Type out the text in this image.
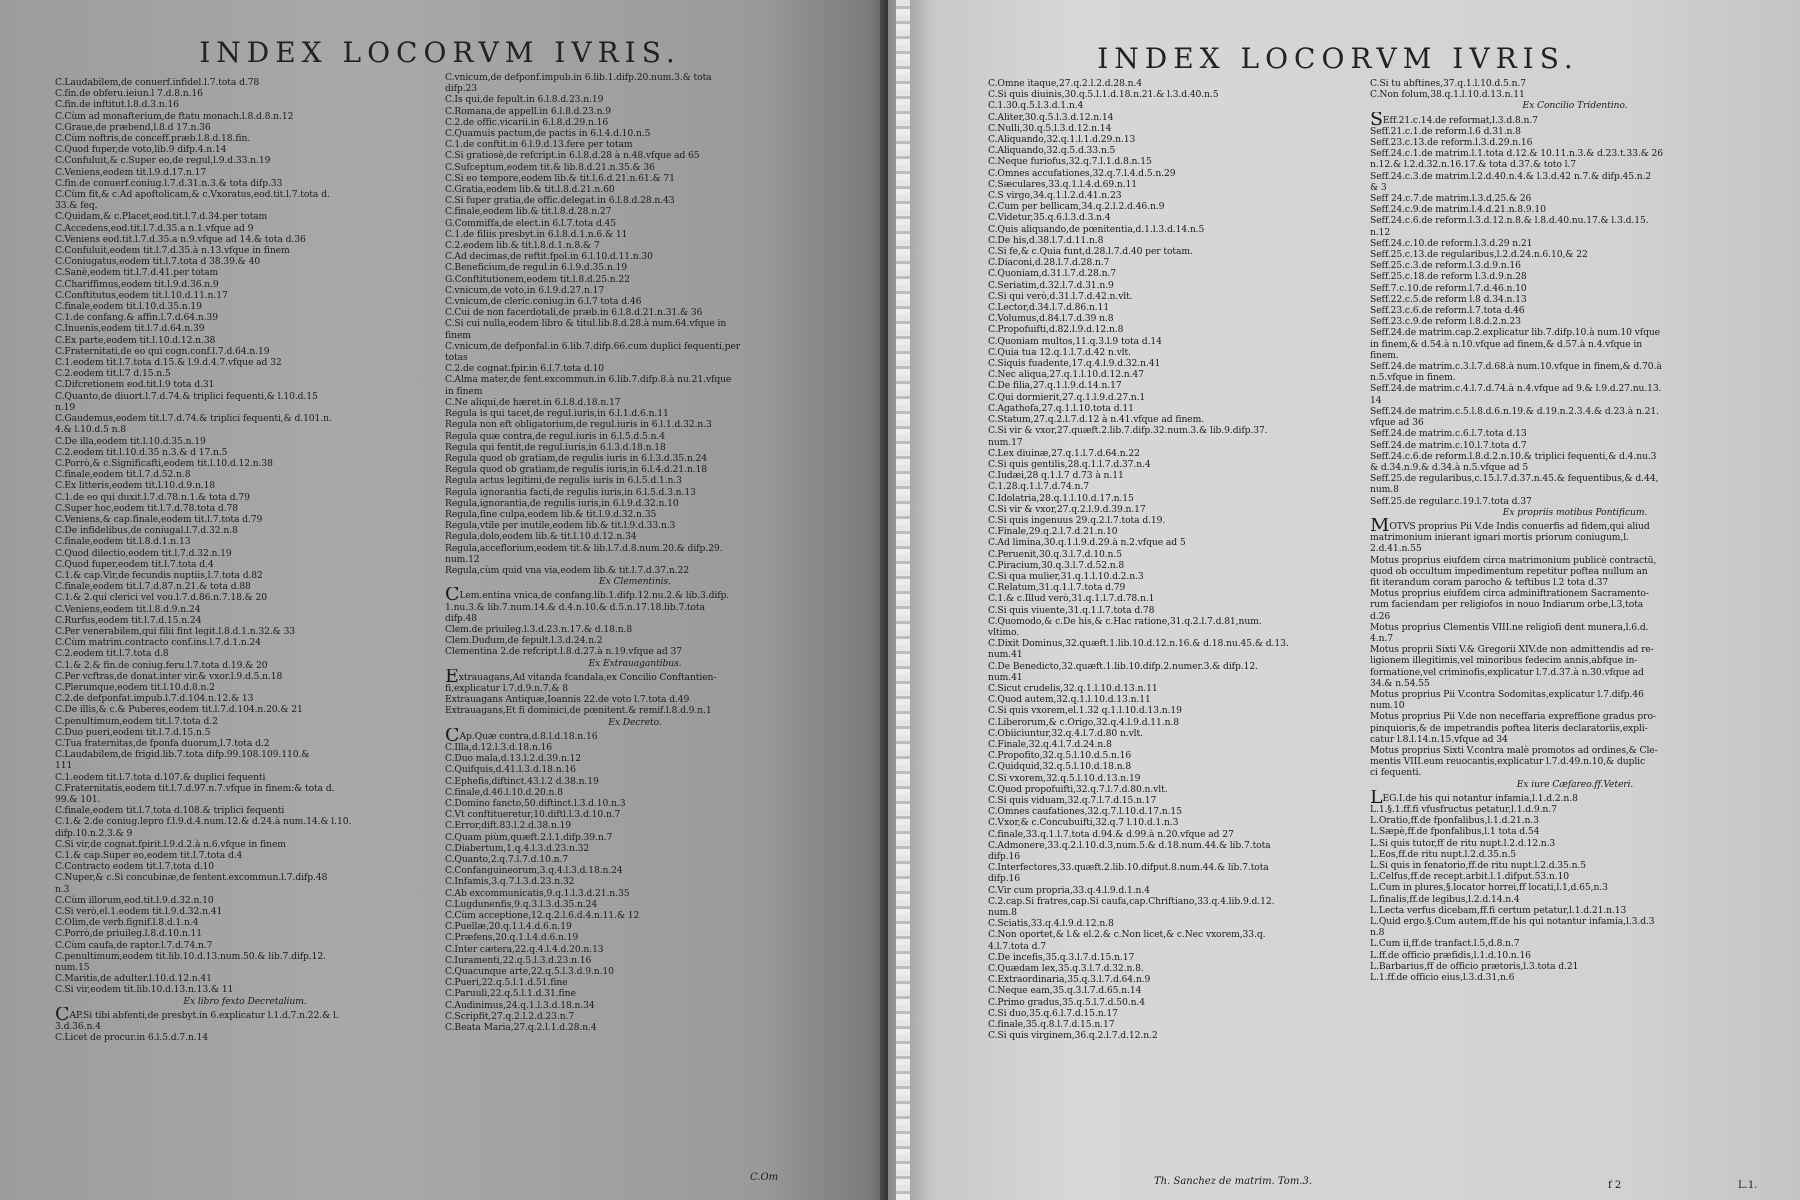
INDEX LOCORVM IVRIS.
C.Laudabilem,de conuerf.infidel.l.7.tota d.78
C.fin.de obferu.ieiun.l 7.d.8.n.16
C.fin.de inftitut.l.8.d.3.n.16
C.Cùm ad monafterium,de ftatu monach.l.8.d.8.n.12
C.Graue,de præbend,l.8.d 17.n.36
C.Cùm noftris,de conceff.præb.l.8.d.18.fin.
C.Quod fuper,de voto,lib.9 difp.4.n.14
C.Confuluit,& c.Super eo,de regul,l.9.d.33.n.19
C.Veniens,eodem tit.l.9.d.17.n.17
C.fin.de conuerf.coniug.l.7.d.31.n.3.& tota difp.33
C.Cùm fit,& c.Ad apoftolicam,& c.Vxoratus,eod.tit.l.7.tota d.
33.& feq.
C.Quidam,& c.Placet,eod.tit.l.7.d.34.per totam
C.Accedens,eod.tit.l.7.d.35.a n.1.vfque ad 9
C.Veniens eod.tit.l.7.d.35.a n.9.vfque ad 14.& tota d.36
C.Confuluit,eodem tit.l.7.d.35.à n.13.vfque in finem
C.Coniugatus,eodem tit.l.7.tota d 38.39.& 40
C.Sanè,eodem tit.l.7.d.41.per totam
C.Chariffimus,eodem tit.l.9.d.36.n.9
C.Conftitutus,eodem tit.l.10.d.11.n.17
C.finale,eodem tit.l.10.d.35.n.19
C.1.de confang.& affin.l.7.d.64.n.39
C.Inuenis,eodem tit.l.7.d.64.n.39
C.Ex parte,eodem tit.l.10.d.12.n.38
C.Fraternitati,de eo qui cogn.conf.l.7.d.64.n.19
C.1.eodem tit.l.7.tota d.15.& l.9.d.4.7.vfque ad 32
C.2.eodem tit.l.7 d.15.n.5
C.Difcretionem eod.tit.l.9 tota d.31
C.Quanto,de diuort.l.7.d.74.& triplici fequenti,& l.10.d.15
n.19
C.Gaudemus,eodem tit.l.7.d.74.& triplici fequenti,& d.101.n.
4.& l.10.d.5 n.8
C.De illa,eodem tit.l.10.d.35.n.19
C.2.eodem tit.l.10.d.35 n.3.& d 17.n.5
C.Porrò,& c.Significafti,eodem tit.l.10.d.12.n.38
C.finale,eodem tit.l.7.d.52.n.8
C.Ex litteris,eodem tit.l.10.d.9.n.18
C.1.de eo qui duxit.l.7.d.78.n.1.& tota d.79
C.Super hoc,eodem tit.l.7.d.78.tota d.78
C.Veniens,& cap.finale,eodem tit.l.7.tota d.79
C.De infidelibus,de coniugal.l.7.d.32.n.8
C.finale,eodem tit.l.8.d.1.n.13
C.Quod dilectio,eodem tit.l.7.d.32.n.19
C.Quod fuper,eodem tit.l.7.tota d.4
C.1.& cap.Vir,de fecundis nuptiis,l.7.tota d.82
C.finale,eodem tit.l.7.d.87.n.21.& tota d.88
C.1.& 2.qui clerici vel vou.l.7.d.86.n.7.18.& 20
C.Veniens,eodem tit.l.8.d.9.n.24
C.Rurfus,eodem tit.l.7.d.15.n.24
C.Per venerabilem,qui filii fint legit.l.8.d.1.n.32.& 33
C.Cùm matrim.contracto conf.ins.l.7.d.1.n.24
C.2.eodem tit.l.7.tota d.8
C.1.& 2.& fin.de coniug.feru.l.7.tota d.19.& 20
C.Per vcftras,de donat.inter vir.& vxor.l.9.d.5.n.18
C.Plerumque,eodem tit.l.10.d.8.n.2
C.2.de defponfat.impub.l.7.d.104.n.12.& 13
C.De illis,& c.& Puberes,eodem tit.l.7.d.104.n.20.& 21
C.penultimum,eodem tit.l.7.tota d.2
C.Duo pueri,eodem tit.l.7.d.15.n.5
C.Tua fraternitas,de fponfa duorum,l.7.tota d.2
C.Laudabilem,de frigid.lib.7.tota difp.99.108.109.110.&
111
C.1.eodem tit.l.7.tota d.107.& duplici fequenti
C.Fraternitatis,eodem tit.l.7.d.97.n.7.vfque in finem:& tota d.
99.& 101.
C.finale,eodem tit.l.7.tota d.108.& triplici fequenti
C.1.& 2.de coniug.lepro f.l.9.d.4.num.12.& d.24.à num.14.& l.10.
difp.10.n.2.3.& 9
C.Si vir,de cognat.fpirit.l.9.d.2.à n.6.vfque in finem
C.1.& cap.Super eo,eodem tit.l.7.tota d.4
C.Contracto eodem tit.l.7.tota d.10
C.Nuper,& c.Si concubinæ,de fentent.excommun.l.7.difp.48
n.3
C.Cùm illorum,eod.tit.l.9.d.32.n.10
C.Si verò,el.1.eodem tit.l.9.d.32.n.41
C.Olim,de verb.fignif.l.8.d.1.n.4
C.Porrò,de priuileg.l.8.d.10.n.11
C.Cùm caufa,de raptor.l.7.d.74.n.7
C.penultimum,eodem tit.lib.10.d.13.num.50.& lib.7.difp.12.
num.15
C.Maritis,de adulter.l.10.d.12.n.41
C.Si vir,eodem tit.lib.10.d.13.n.13.& 11
Ex libro fexto Decretalium.
CAP.Si tibi abfenti,de presbyt.in 6.explicatur l.1.d.7.n.22.& l.
3.d.36.n.4
C.Licet de procur.in 6.l.5.d.7.n.14
C.vnicum,de defponf.impub.in 6.lib.1.difp.20.num.3.& tota
difp.23
C.Is qui,de fepult.in 6.l.8.d.23.n.19
C.Romana,de appell.in 6.l.8.d.23.n.9
C.2.de offic.vicarii.in 6.l.8.d.29.n.16
C.Quamuis pactum,de pactis in 6.l.4.d.10.n.5
C.1.de conftit.in 6.l.9.d.13.fere per totam
C.Si gratiosè,de refcript.in 6.l.8.d.28 à n.48.vfque ad 65
C.Sufceptum,eodem tit.& lib.8.d.21.n.35.& 36
C.Si eo tempore,eodem lib.& tit.l.6.d.21.n.61.& 71
C.Gratia,eodem lib.& tit.l.8.d.21.n.60
C.Si fuper gratia,de offic.delegat.in 6.l.8.d.28.n.43
C.finale,eodem lib.& tit.l.8.d.28.n.27
G.Commiffa,de elect.in 6.l.7.tota d.45
C.1.de filiis presbyt.in 6.l.8.d.1.n.6.& 11
C.2.eodem lib.& tit.l.8.d.1.n.8.& 7
C.Ad decimas,de reftit.fpol.in 6.l.10.d.11.n.30
C.Beneficium,de regul.in 6.l.9.d.35.n.19
G.Conftitutionem,eodem tit.l.8.d.25.n.22
C.vnicum,de voto,in 6.l.9.d.27.n.17
C.vnicum,de cleric.coniug.in 6.l.7 tota d.46
C.Cui de non facerdotali,de præb.in 6.l.8.d.21.n.31.& 36
C.Si cui nulla,eodem libro & titul.lib.8.d.28.à num.64.vfque in
finem
C.vnicum,de defponfal.in 6.lib.7.difp.66.cum duplici fequenti,per
totas
C.2.de cognat.fpir.in 6.l.7.tota d.10
C.Alma mater,de fent.excommun.in 6.lib.7.difp.8.à nu.21.vfque
in finem
C.Ne aliqui,de hæret.in 6.l.8.d.18.n.17
Regula is qui tacet,de regul.iuris,in 6.l.1.d.6.n.11
Regula non eft obligatorium,de regul.iuris in 6.l.1.d.32.n.3
Regula quæ contra,de regul.iuris in 6.l.5.d.5.n.4
Regula qui fentit,de regul.iuris,in 6.l.3.d.18.n.18
Regula quod ob gratiam,de regulis iuris in 6.l.3.d.35.n.24
Regula quod ob gratiam,de regulis iuris,in 6.l.4.d.21.n.18
Regula actus legitimi,de regulis iuris in 6.l.5.d.1.n.3
Regula ignorantia facti,de regulis iuris,in 6.l.5.d.3.n.13
Regula,ignorantia,de regulis iuris,in 6.l.9.d.32.n.10
Regula,fine culpa,eodem lib.& tit.l.9.d.32.n.35
Regula,vtile per inutile,eodem lib.& tit.l.9.d.33.n.3
Regula,dolo,eodem lib.& tit.l.10.d.12.n.34
Regula,acceflorium,eodem tit.& lib.l.7.d.8.num.20.& difp.29.
num.12
Regula,cùm quid vna via,eodem lib.& tit.l.7.d.37.n.22
Ex Clementinis.
CLem.entina vnica,de confang.lib.1.difp.12.nu.2.& lib.3.difp.
1.nu.3.& lib.7.num.14.& d.4.n.10.& d.5.n.17.18.lib.7.tota
difp.48
Clem.de priuileg.l.3.d.23.n.17.& d.18.n.8
Clem.Dudum,de fepult.l.3.d.24.n.2
Clementina 2.de refcript.l.8.d.27.à n.19.vfque ad 37
Ex Extrauagantibus.
Extrauagans,Ad vitanda fcandala,ex Concilio Conftantien-
fi,explicatur l.7.d.9.n.7.& 8
Extrauagans Antiquæ,Ioannis 22.de voto l.7.tota d.49
Extrauagans,Et fi dominici,de pœnitent.& remif.l.8.d.9.n.1
Ex Decreto.
CAp.Quæ contra,d.8.l.d.18.n.16
C.Illa,d.12.l.3.d.18.n.16
C.Duo mala,d.13.l.2.d.39.n.12
C.Quifquis,d.41.l.3.d.18.n.16
C.Ephefis,diftinct.43.l.2 d.38.n.19
C.finale,d.46.l.10.d.20.n.8
C.Domino fancto,50.diftinct.l.3.d.10.n.3
C.Vt conftitueretur,10.diftl.l.3.d.10.n.7
C.Error,dift.83.l.2.d.38.n.19
C.Quam piùm,quæft.2.l.1.difp.39.n.7
C.Diabertum,1.q.4.l.3.d.23.n.32
C.Quanto,2.q.7.l.7.d.10.n.7
C.Confanguineorum,3.q.4.l.3.d.18.n.24
C.Infamis,3.q.7.l.3.d.23.n.32
C.Ab excommunicatis,9.q.1.l.3.d.21.n.35
C.Lugdunenfis,9.q.3.l.3.d.35.n.24
C.Cùm acceptione,12.q.2.l.6.d.4.n.11.& 12
C.Puellæ,20.q.1.l.4.d.6.n.19
C.Præfens,20.q.1.l.4.d.6.n.19
C.Inter cætera,22.q.4.l.4.d.20.n.13
C.Iuramenti,22.q.5.l.3.d.23.n.16
C.Quacunque arte,22.q.5.l.3.d.9.n.10
C.Pueri,22.q.5.l.1.d.51.fine
C.Paruuli,22.q.5.l.1.d.31.fine
C.Audinimus,24.q.1.l.3.d.18.n.34
C.Scripfit,27.q.2.l.2.d.23.n.7
C.Beata Maria,27.q.2.l.1.d.28.n.4
C.Om
INDEX LOCORVM IVRIS.
C.Omne itaque,27.q.2.l.2.d.28.n.4
C.Si quis diuinis,30.q.5.l.1.d.18.n.21.& l.3.d.40.n.5
C.1.30.q.5.l.3.d.1.n.4
C.Aliter,30.q.5.l.3.d.12.n.14
C.Nulli,30.q.5.l.3.d.12.n.14
C.Aliquando,32.q.1.l.1.d.29.n.13
C.Aliquando,32.q.5.d.33.n.5
C.Neque furiofus,32.q.7.l.1.d.8.n.15
C.Omnes accufationes,32.q.7.l.4.d.5.n.29
C.Sæculares,33.q.1.l.4.d.69.n.11
C.S virgo,34.q.1.l.2.d.41.n.23
C.Cum per bellicam,34.q.2.l.2.d.46.n.9
C.Videtur,35.q.6.l.3.d.3.n.4
C.Quis aliquando,de pœnitentia,d.1.l.3.d.14.n.5
C.De his,d.38.l.7.d.11.n.8
C.Si fe,& c.Quia funt,d.28.l.7.d.40 per totam.
C.Diaconi,d.28.l.7.d.28.n.7
C.Quoniam,d.31.l.7.d.28.n.7
C.Seriatim,d.32.l.7.d.31.n.9
C.Si qui verò,d.31.l.7.d.42.n.vlt.
C.Lector,d.34.l.7.d.86.n.11
C.Volumus,d.84.l.7.d.39 n.8
C.Propofuifti,d.82.l.9.d.12.n.8
C.Quoniam multos,11.q.3.l.9 tota d.14
C.Quia tua 12.q.1.l.7.d.42 n.vlt.
C.Siquis fuadente,17.q.4.l.9.d.32.n.41
C.Nec aliqua,27.q.1.l.10.d.12.n.47
C.De filia,27.q.1.l.9.d.14.n.17
C.Qui dormierit,27.q.1.l.9.d.27.n.1
C.Agathofa,27.q.1.l.10.tota d.11
C.Statum,27.q.2.l.7.d.12 à n.41.vfque ad finem.
C.Si vir & vxor,27.quæft.2.lib.7.difp.32.num.3.& lib.9.difp.37.
num.17
C.Lex diuinæ,27.q.1.l.7.d.64.n.22
C.Si quis gentilis,28.q.1.l.7.d.37.n.4
C.Iudæi,28 q.1.l.7 d.73 à n.11
C.1.28.q.1.l.7.d.74.n.7
C.Idolatria,28.q.1.l.10.d.17.n.15
C.Si vir & vxor,27.q.2.l.9.d.39.n.17
C.Si quis ingenuus 29.q.2.l.7.tota d.19.
C.Finale,29.q.2.l.7.d.21.n.10
C.Ad limina,30.q.1.l.9.d.29.à n.2.vfque ad 5
C.Peruenit,30.q.3.l.7.d.10.n.5
C.Piracium,30.q.3.l.7.d.52.n.8
C.Si qua mulier,31.q.1.l.10.d.2.n.3
C.Relatum,31.q.1.l.7.tota d.79
C.1.& c.Illud verò,31.q.1.l.7.d.78.n.1
C.Si quis viuente,31.q.1.l.7.tota d.78
C.Quomodo,& c.De his,& c.Hac ratione,31.q.2.l.7.d.81,num.
vltimo.
C.Dixit Dominus,32.quæft.1.lib.10.d.12.n.16.& d.18.nu.45.& d.13.
num.41
C.De Benedicto,32.quæft.1.lib.10.difp.2.numer.3.& difp.12.
num.41
C.Sicut crudelis,32.q.1.l.10.d.13.n.11
C.Quod autem,32.q.1.l.10.d.13.n.11
C.Si quis vxorem,el.1.32 q.1.l.10.d.13.n.19
C.Liberorum,& c.Origo,32.q.4.l.9.d.11.n.8
C.Obiiciuntur,32.q.4.l.7.d.80 n.vlt.
C.Finale,32.q.4.l.7.d.24.n.8
C.Propofito,32.q.5.l.10.d.5.n.16
C.Quidquid,32.q.5.l.10.d.18.n.8
C.Si vxorem,32.q.5.l.10.d.13.n.19
C.Quod propofuifti,32.q.7.l.7.d.80.n.vlt.
C.Si quis viduam,32.q.7.l.7.d.15.n.17
C.Omnes caufationes,32.q.7.l.10.d.17.n.15
C.Vxor,& c.Concubuifti,32.q.7 l.10.d.1.n.3
C.finale,33.q.1.l.7.tota d.94.& d.99.à n.20.vfque ad 27
C.Admonere,33.q.2.l.10.d.3,num.5.& d.18.num.44.& lib.7.tota
difp.16
C.Interfectores,33.quæft.2.lib.10.difput.8.num.44.& lib.7.tota
difp.16
C.Vir cum propria,33.q.4.l.9.d.1.n.4
C.2.cap.Si fratres,cap.Si caufa,cap.Chriftiano,33.q.4.lib.9.d.12.
num.8
C.Sciatis,33.q.4.l.9.d.12.n.8
C.Non oportet,& l.& el.2.& c.Non licet,& c.Nec vxorem,33.q.
4.l.7.tota d.7
C.De incefis,35.q.3.l.7.d.15.n.17
C.Quædam lex,35.q.3.l.7.d.32.n.8.
C.Extraordinaria,35.q.3.l.7.d.64.n.9
C.Neque eam,35.q.3.l.7.d.65.n.14
C.Primo gradus,35.q.5.l.7.d.50.n.4
C.Si duo,35.q.6.l.7.d.15.n.17
C.finale,35.q.8.l.7.d.15.n.17
C.Si quis virginem,36.q.2.l.7.d.12.n.2
C.Si tu abftines,37.q.1.l.10.d.5.n.7
C.Non folum,38.q.1.l.10.d.13.n.11
Ex Concilio Tridentino.
SEff.21.c.14.de reformat,l.3.d.8.n.7
Seff.21.c.1.de reform.l.6 d.31.n.8
Seff.23.c.13.de reform.l.3.d.29.n.16
Seff.24.c.1.de matrim.l.1.tota d.12.& 10.11.n.3.& d.23.t.33.& 26
n.12.& l.2.d.32.n.16.17.& tota d.37.& toto l.7
Seff.24.c.3.de matrim.l.2.d.40.n.4.& l.3.d.42 n.7.& difp.45.n.2
& 3
Seff 24.c.7.de matrim.l.3.d.25.& 26
Seff.24.c.9.de matrim.l.4.d.21.n.8.9.10
Seff.24.c.6.de reform.l.3.d.12.n.8.& l.8.d.40.nu.17.& l.3.d.15.
n.12
Seff.24.c.10.de reform.l.3.d.29 n.21
Seff.25.c.13.de regularibus,l.2.d.24.n.6.10,& 22
Seff.25.c.3.de reform.l.3.d.9.n.16
Seff.25.c.18.de reform l.3.d.9.n.28
Seff.7.c.10.de reform.l.7.d.46.n.10
Seff.22.c.5.de reform l.8 d.34.n.13
Seff.23.c.6.de reform.l.7.tota d.46
Seff.23.c.9.de reform l.8.d.2.n.23
Seff.24.de matrim.cap.2.explicatur lib.7.difp.10.à num.10 vfque
in finem,& d.54.à n.10.vfque ad finem,& d.57.à n.4.vfque in
finem.
Seff.24.de matrim.c.3.l.7.d.68.à num.10.vfque in finem,& d.70.à
n.5.vfque in finem.
Seff.24.de matrim.c.4.l.7.d.74.à n.4.vfque ad 9.& l.9.d.27.nu.13.
14
Seff.24.de matrim.c.5.l.8.d.6.n.19.& d.19.n.2.3.4.& d.23.à n.21.
vfque ad 36
Seff.24.de matrim.c.6.l.7.tota d.13
Seff.24.de matrim.c.10.l.7.tota d.7
Seff.24.c.6.de reform.l.8.d.2.n.10.& triplici fequenti,& d.4.nu.3
& d.34.n.9.& d.34.à n.5.vfque ad 5
Seff.25.de regularibus,c.15.l.7.d.37.n.45.& fequentibus,& d.44,
num.8
Seff.25.de regular.c.19.l.7.tota d.37
Ex propriis motibus Pontificum.
MOTVS proprius Pii V.de Indis conuerfis ad fidem,qui aliud
matrimonium inierant ignari mortis priorum coniugum,l.
2.d.41.n.55
Motus proprius eiufdem circa matrimonium publicè contractū,
quod ob occultum impedimentum repetitur poftea nullum an
fit iterandum coram parocho & teftibus l.2 tota d.37
Motus proprius eiufdem circa adminiftrationem Sacramento-
rum faciendam per religiofos in nouo Indiarum orbe,l.3,tota
d.26
Motus proprius Clementis VIII.ne religiofi dent munera,l.6.d.
4.n.7
Motus proprii Sixti V.& Gregorii XIV.de non admittendis ad re-
ligionem illegitimis,vel minoribus fedecim annis,abfque in-
formatione,vel criminofis,explicatur l.7.d.37.à n.30.vfque ad
34.& n.54.55
Motus proprius Pii V.contra Sodomitas,explicatur l.7.difp.46
num.10
Motus proprius Pii V.de non neceffaria expreffione gradus pro-
pinquioris,& de impetrandis poftea literis declaratoriis,expli-
catur l.8.l.14.n.15.vfque ad 34
Motus proprius Sixti V.contra malè promotos ad ordines,& Cle-
mentis VIII.eum reuocantis,explicatur l.7.d.49.n.10,& duplic
ci fequenti.
Ex iure Cæfareo.ff.Veteri.
LEG.I.de his qui notantur infamia,l.1.d.2.n.8
L.1.§.1.ff.fi vfusfructus petatur,l.1.d.9.n.7
L.Oratio,ff.de fponfalibus,l.1.d.21.n.3
L.Sæpè,ff.de fponfalibus,l.1 tota d.54
L.Si quis tutor,ff de ritu nupt.l.2.d.12.n.3
L.Eos,ff.de ritu nupt.l.2.d.35.n.5
L.Si quis in fenatorio,ff.de ritu nupt.l.2.d.35.n.5
L.Celfus,ff.de recept.arbit.l.1.difput.53.n.10
L.Cum in plures,§.locator horrei,ff locati,l.1,d.65,n.3
L.finalis,ff.de legibus,l.2.d.14.n.4
L.Lecta verfus dicebam,ff.fi certum petatur,l.1.d.21.n.13
L.Quid ergo.§.Cum autem,ff.de his qui notantur infamia,l.3.d.3
n.8
L.Cum ii,ff.de tranfact.l.5,d.8.n.7
L.ff.de officio præfidis,l.1.d.10.n.16
L.Barbarius,ff de officio prætoris,l.3.tota d.21
L.1.ff.de officio eius,l.3.d.31,n.6
Th. Sanchez de matrim. Tom.3.	f 2	L.1.
